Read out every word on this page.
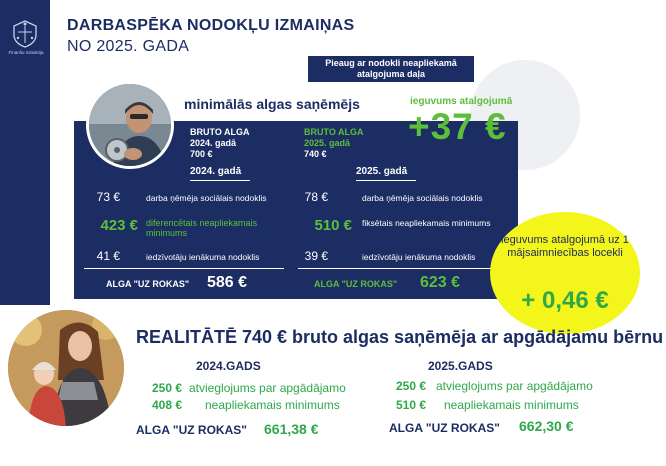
Finanšu ministrija
DARBASPĒKA NODOKĻU IZMAIŅAS
NO 2025. GADA
Pieaug ar nodokli neapliekamā
atalgojuma daļa
minimālās algas saņēmējs	ieguvums atalgojumā
+37 €
BRUTO ALGA
2024. gadā
700 €
2024. gadā
73 €	darba ņēmēja sociālais nodoklis
423 € diferencētais neapliekamais minimums
41 €	iedzīvotāju ienākuma nodoklis
ALGA "UZ ROKAS" 586 €
BRUTO ALGA
2025. gadā
740 €
2025. gadā
78 €	darba ņēmēja sociālais nodoklis
510 € fiksētais neapliekamais minimums
39 €	iedzīvotāju ienākuma nodoklis
ALGA "UZ ROKAS" 623 €
ieguvums atalgojumā uz 1 mājsaimniecības locekli
+ 0,46 €
REALITĀTĒ 740 € bruto algas saņēmēja ar apgādājamu bērnu
2024.GADS
250 € atvieglojums par apgādājamo
408 € neapliekamais minimums
ALGA "UZ ROKAS" 661,38 €
2025.GADS
250 € atvieglojums par apgādājamo
510 € neapliekamais minimums
ALGA "UZ ROKAS" 662,30 €
